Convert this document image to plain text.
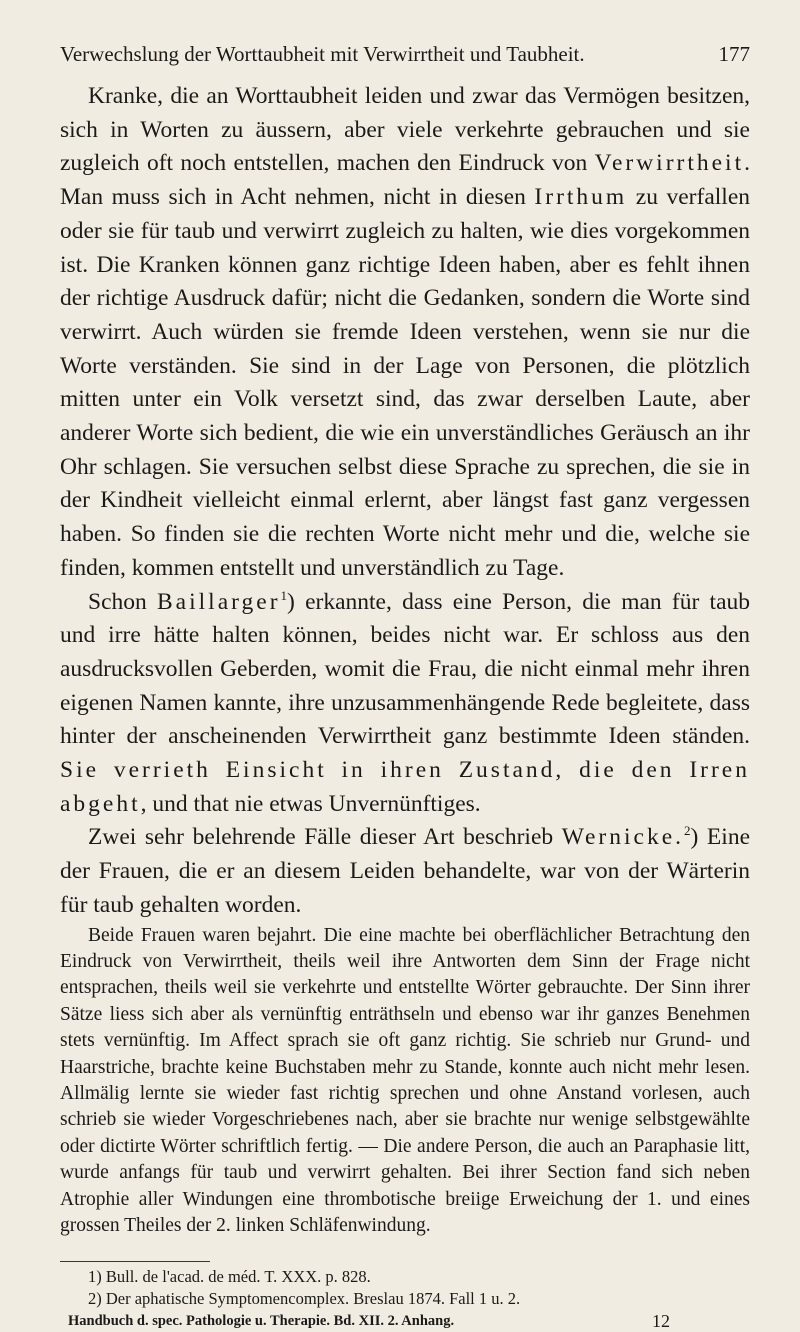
Verwechslung der Worttaubheit mit Verwirrtheit und Taubheit.	177

Kranke, die an Worttaubheit leiden und zwar das Vermögen besitzen, sich in Worten zu äussern, aber viele verkehrte gebrauchen und sie zugleich oft noch entstellen, machen den Eindruck von Verwirrtheit. Man muss sich in Acht nehmen, nicht in diesen Irrthum zu verfallen oder sie für taub und verwirrt zugleich zu halten, wie dies vorgekommen ist. Die Kranken können ganz richtige Ideen haben, aber es fehlt ihnen der richtige Ausdruck dafür; nicht die Gedanken, sondern die Worte sind verwirrt. Auch würden sie fremde Ideen verstehen, wenn sie nur die Worte verständen. Sie sind in der Lage von Personen, die plötzlich mitten unter ein Volk versetzt sind, das zwar derselben Laute, aber anderer Worte sich bedient, die wie ein unverständliches Geräusch an ihr Ohr schlagen. Sie versuchen selbst diese Sprache zu sprechen, die sie in der Kindheit vielleicht einmal erlernt, aber längst fast ganz vergessen haben. So finden sie die rechten Worte nicht mehr und die, welche sie finden, kommen entstellt und unverständlich zu Tage.

Schon Baillarger$^1$) erkannte, dass eine Person, die man für taub und irre hätte halten können, beides nicht war. Er schloss aus den ausdrucksvollen Geberden, womit die Frau, die nicht einmal mehr ihren eigenen Namen kannte, ihre unzusammenhängende Rede begleitete, dass hinter der anscheinenden Verwirrtheit ganz bestimmte Ideen ständen. Sie verrieth Einsicht in ihren Zustand, die den Irren abgeht, und that nie etwas Unvernünftiges.

Zwei sehr belehrende Fälle dieser Art beschrieb Wernicke.$^2$) Eine der Frauen, die er an diesem Leiden behandelte, war von der Wärterin für taub gehalten worden.

Beide Frauen waren bejahrt. Die eine machte bei oberflächlicher Betrachtung den Eindruck von Verwirrtheit, theils weil ihre Antworten dem Sinn der Frage nicht entsprachen, theils weil sie verkehrte und entstellte Wörter gebrauchte. Der Sinn ihrer Sätze liess sich aber als vernünftig enträthseln und ebenso war ihr ganzes Benehmen stets vernünftig. Im Affect sprach sie oft ganz richtig. Sie schrieb nur Grund- und Haarstriche, brachte keine Buchstaben mehr zu Stande, konnte auch nicht mehr lesen. Allmälig lernte sie wieder fast richtig sprechen und ohne Anstand vorlesen, auch schrieb sie wieder Vorgeschriebenes nach, aber sie brachte nur wenige selbstgewählte oder dictirte Wörter schriftlich fertig. — Die andere Person, die auch an Paraphasie litt, wurde anfangs für taub und verwirrt gehalten. Bei ihrer Section fand sich neben Atrophie aller Windungen eine thrombotische breiige Erweichung der 1. und eines grossen Theiles der 2. linken Schläfenwindung.

1) Bull. de l'acad. de méd. T. XXX. p. 828.
2) Der aphatische Symptomencomplex. Breslau 1874. Fall 1 u. 2.
Handbuch d. spec. Pathologie u. Therapie. Bd. XII. 2. Anhang.	12
